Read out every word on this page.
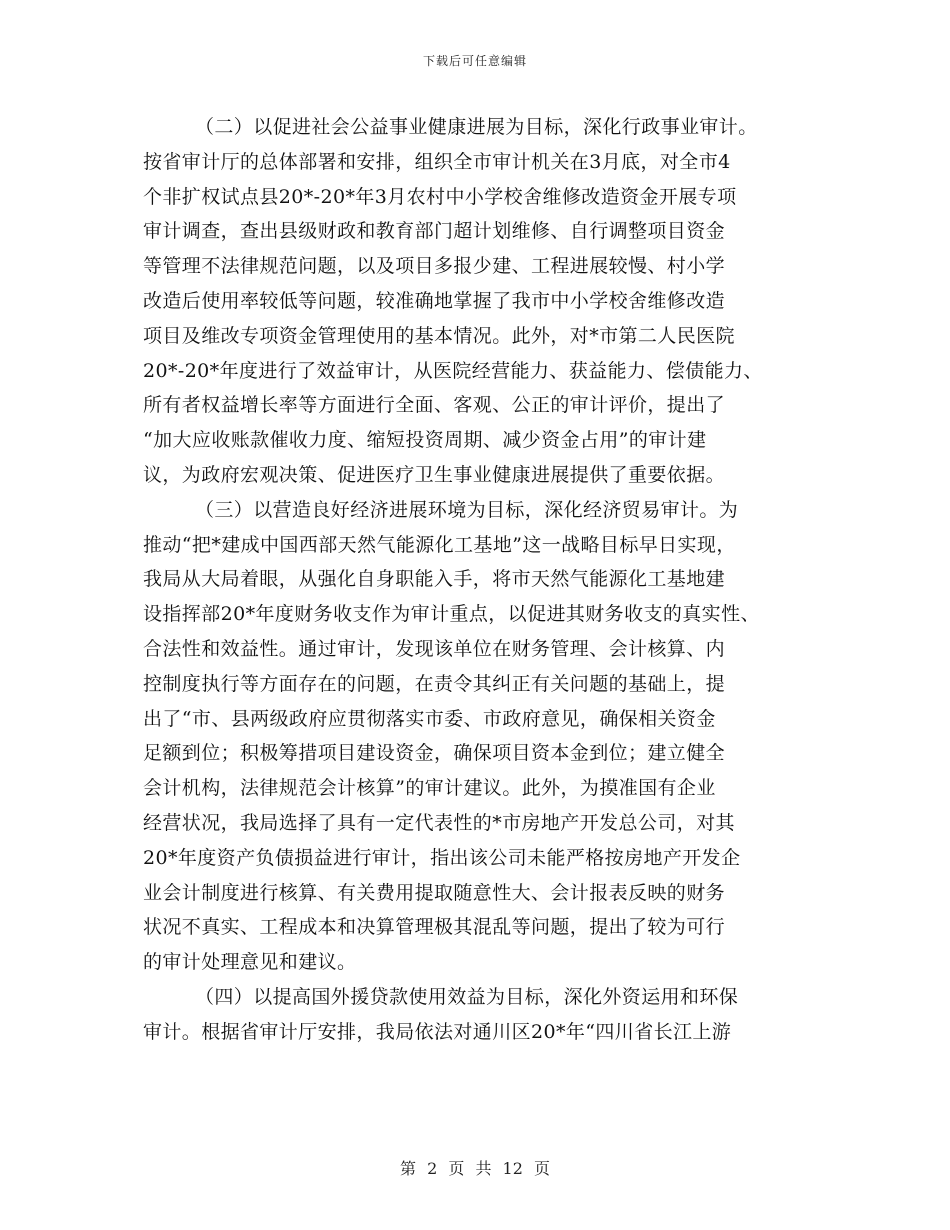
下载后可任意编辑
（二）以促进社会公益事业健康进展为目标，深化行政事业审计。
按省审计厅的总体部署和安排，组织全市审计机关在3月底，对全市4
个非扩权试点县20*-20*年3月农村中小学校舍维修改造资金开展专项
审计调查，查出县级财政和教育部门超计划维修、自行调整项目资金
等管理不法律规范问题，以及项目多报少建、工程进展较慢、村小学
改造后使用率较低等问题，较准确地掌握了我市中小学校舍维修改造
项目及维改专项资金管理使用的基本情况。此外，对*市第二人民医院
20*-20*年度进行了效益审计，从医院经营能力、获益能力、偿债能力、
所有者权益增长率等方面进行全面、客观、公正的审计评价，提出了
“加大应收账款催收力度、缩短投资周期、减少资金占用”的审计建
议，为政府宏观决策、促进医疗卫生事业健康进展提供了重要依据。
（三）以营造良好经济进展环境为目标，深化经济贸易审计。为
推动“把*建成中国西部天然气能源化工基地”这一战略目标早日实现，
我局从大局着眼，从强化自身职能入手，将市天然气能源化工基地建
设指挥部20*年度财务收支作为审计重点，以促进其财务收支的真实性、
合法性和效益性。通过审计，发现该单位在财务管理、会计核算、内
控制度执行等方面存在的问题，在责令其纠正有关问题的基础上，提
出了“市、县两级政府应贯彻落实市委、市政府意见，确保相关资金
足额到位；积极筹措项目建设资金，确保项目资本金到位；建立健全
会计机构，法律规范会计核算”的审计建议。此外，为摸准国有企业
经营状况，我局选择了具有一定代表性的*市房地产开发总公司，对其
20*年度资产负债损益进行审计，指出该公司未能严格按房地产开发企
业会计制度进行核算、有关费用提取随意性大、会计报表反映的财务
状况不真实、工程成本和决算管理极其混乱等问题，提出了较为可行
的审计处理意见和建议。
（四）以提高国外援贷款使用效益为目标，深化外资运用和环保
审计。根据省审计厅安排，我局依法对通川区20*年“四川省长江上游
第 2 页 共 12 页
